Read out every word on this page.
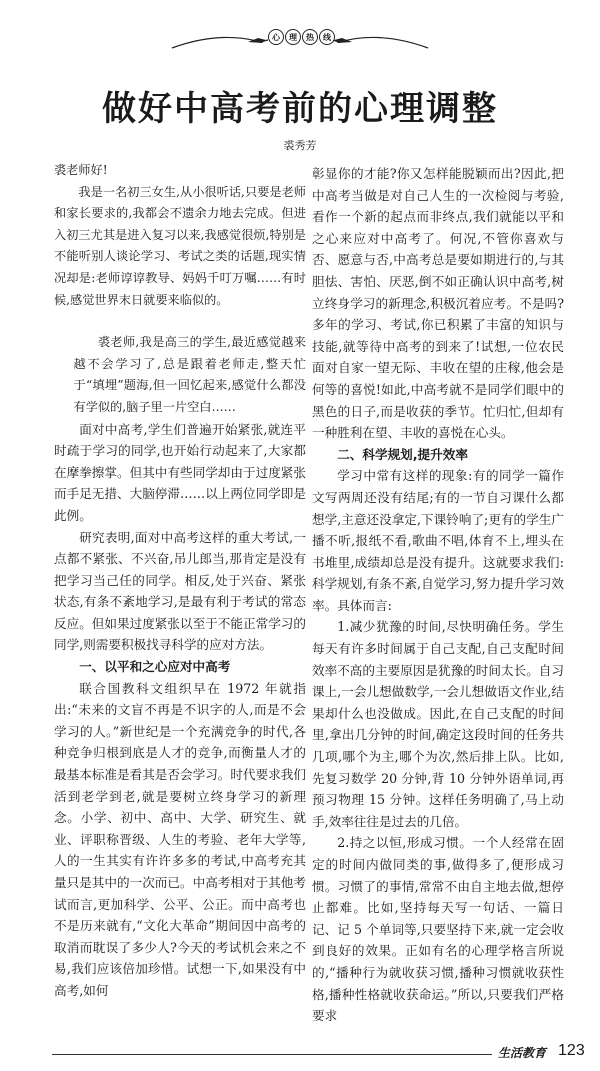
心	理	热	线
做好中高考前的心理调整
裘秀芳

裘老师好!

我是一名初三女生,从小很听话,只要是老师和家长要求的,我都会不遗余力地去完成。但进入初三尤其是进入复习以来,我感觉很烦,特别是不能听别人谈论学习、考试之类的话题,现实情况却是:老师谆谆教导、妈妈千叮万嘱……有时候,感觉世界末日就要来临似的。

裘老师,我是高三的学生,最近感觉越来越不会学习了,总是跟着老师走,整天忙于“填埋”题海,但一回忆起来,感觉什么都没有学似的,脑子里一片空白……

面对中高考,学生们普遍开始紧张,就连平时疏于学习的同学,也开始行动起来了,大家都在摩拳擦掌。但其中有些同学却由于过度紧张而手足无措、大脑停滞……以上两位同学即是此例。

研究表明,面对中高考这样的重大考试,一点都不紧张、不兴奋,吊儿郎当,那肯定是没有把学习当己任的同学。相反,处于兴奋、紧张状态,有条不紊地学习,是最有利于考试的常态反应。但如果过度紧张以至于不能正常学习的同学,则需要积极找寻科学的应对方法。

一、以平和之心应对中高考

联合国教科文组织早在 1972 年就指出:“未来的文盲不再是不识字的人,而是不会学习的人。”新世纪是一个充满竞争的时代,各种竞争归根到底是人才的竞争,而衡量人才的最基本标准是看其是否会学习。时代要求我们活到老学到老,就是要树立终身学习的新理念。小学、初中、高中、大学、研究生、就业、评职称晋级、人生的考验、老年大学等,人的一生其实有许许多多的考试,中高考充其量只是其中的一次而已。中高考相对于其他考试而言,更加科学、公平、公正。而中高考也不是历来就有,“文化大革命”期间因中高考的取消而耽误了多少人?今天的考试机会来之不易,我们应该倍加珍惜。试想一下,如果没有中高考,如何

彰显你的才能?你又怎样能脱颖而出?因此,把中高考当做是对自己人生的一次检阅与考验,看作一个新的起点而非终点,我们就能以平和之心来应对中高考了。何况,不管你喜欢与否、愿意与否,中高考总是要如期进行的,与其胆怯、害怕、厌恶,倒不如正确认识中高考,树立终身学习的新理念,积极沉着应考。不是吗?多年的学习、考试,你已积累了丰富的知识与技能,就等待中高考的到来了!试想,一位农民面对自家一望无际、丰收在望的庄稼,他会是何等的喜悦!如此,中高考就不是同学们眼中的黑色的日子,而是收获的季节。忙归忙,但却有一种胜利在望、丰收的喜悦在心头。

二、科学规划,提升效率

学习中常有这样的现象:有的同学一篇作文写两周还没有结尾;有的一节自习课什么都想学,主意还没拿定,下课铃响了;更有的学生广播不听,报纸不看,歌曲不唱,体育不上,埋头在书堆里,成绩却总是没有提升。这就要求我们:科学规划,有条不紊,自觉学习,努力提升学习效率。具体而言:

1.减少犹豫的时间,尽快明确任务。学生每天有许多时间属于自己支配,自己支配时间效率不高的主要原因是犹豫的时间太长。自习课上,一会儿想做数学,一会儿想做语文作业,结果却什么也没做成。因此,在自己支配的时间里,拿出几分钟的时间,确定这段时间的任务共几项,哪个为主,哪个为次,然后排上队。比如,先复习数学 20 分钟,背 10 分钟外语单词,再预习物理 15 分钟。这样任务明确了,马上动手,效率往往是过去的几倍。

2.持之以恒,形成习惯。一个人经常在固定的时间内做同类的事,做得多了,便形成习惯。习惯了的事情,常常不由自主地去做,想停止都难。比如,坚持每天写一句话、一篇日记、记 5 个单词等,只要坚持下来,就一定会收到良好的效果。正如有名的心理学格言所说的,“播种行为就收获习惯,播种习惯就收获性格,播种性格就收获命运。”所以,只要我们严格要求

生活教育 123
